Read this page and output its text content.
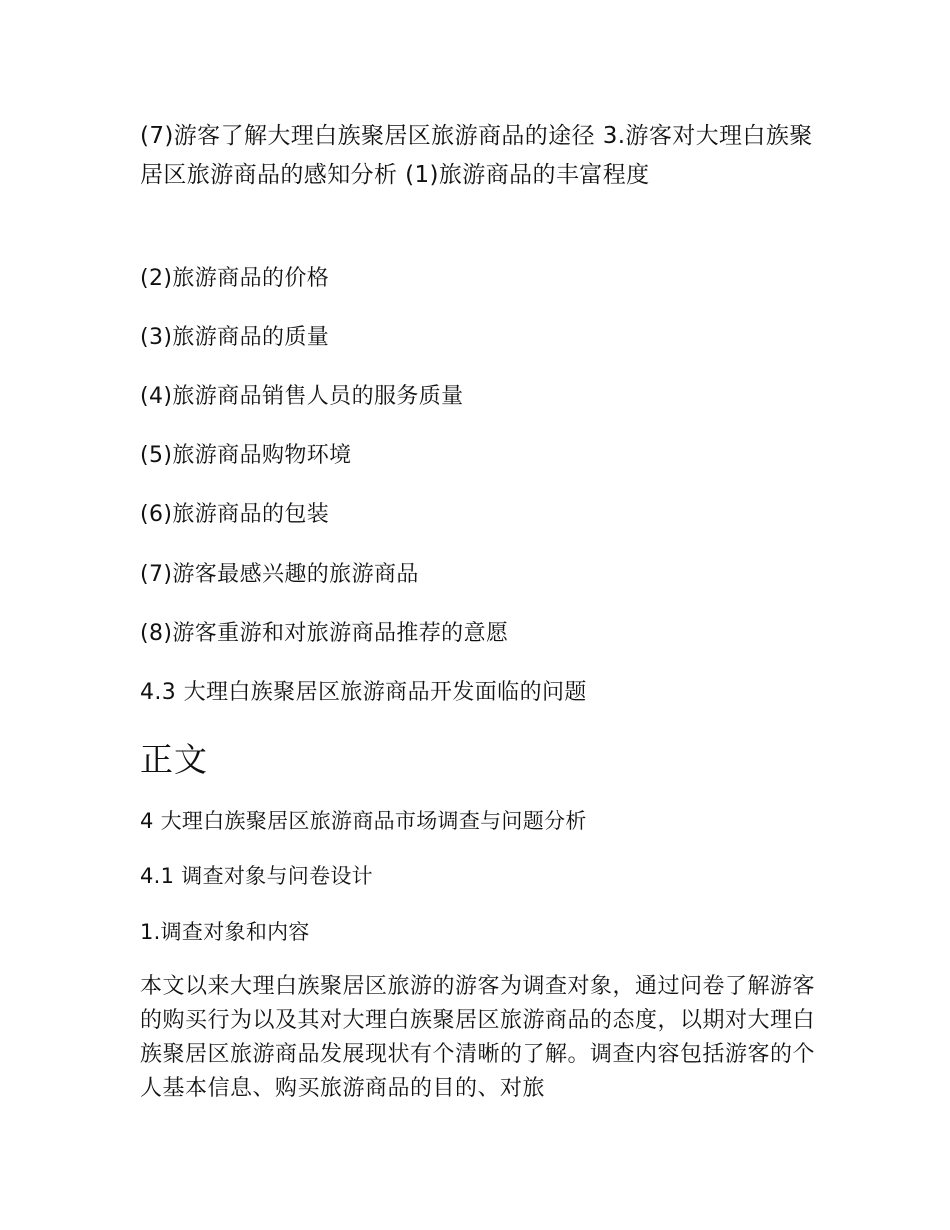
(7)游客了解大理白族聚居区旅游商品的途径 3.游客对大理白族聚居区旅游商品的感知分析 (1)旅游商品的丰富程度

(2)旅游商品的价格

(3)旅游商品的质量

(4)旅游商品销售人员的服务质量

(5)旅游商品购物环境

(6)旅游商品的包装

(7)游客最感兴趣的旅游商品

(8)游客重游和对旅游商品推荐的意愿

4.3 大理白族聚居区旅游商品开发面临的问题

正文

4 大理白族聚居区旅游商品市场调查与问题分析

4.1 调查对象与问卷设计

1.调查对象和内容

本文以来大理白族聚居区旅游的游客为调查对象，通过问卷了解游客的购买行为以及其对大理白族聚居区旅游商品的态度，以期对大理白族聚居区旅游商品发展现状有个清晰的了解。调查内容包括游客的个人基本信息、购买旅游商品的目的、对旅
